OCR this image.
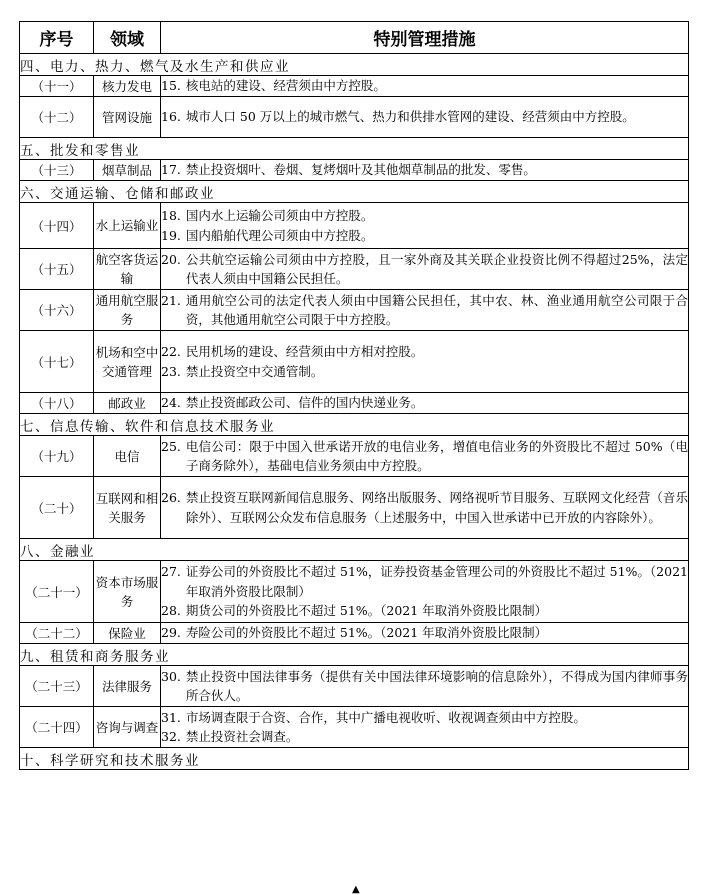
序号	领域	特别管理措施
四、电力、热力、燃气及水生产和供应业		
（十一）	核力发电	15. 核电站的建设、经营须由中方控股。

（十二）	管网设施	16. 城市人口 50 万以上的城市燃气、热力和供排水管网的建设、经营须由中方控股。

五、批发和零售业		
（十三）	烟草制品	17. 禁止投资烟叶、卷烟、复烤烟叶及其他烟草制品的批发、零售。

六、交通运输、仓储和邮政业		
（十四）	水上运输业	18. 国内水上运输公司须由中方控股。
19. 国内船舶代理公司须由中方控股。

（十五）	航空客货运输	20. 公共航空运输公司须由中方控股，且一家外商及其关联企业投资比例不得超过25%，法定代表人须由中国籍公民担任。

（十六）	通用航空服务	21. 通用航空公司的法定代表人须由中国籍公民担任，其中农、林、渔业通用航空公司限于合资，其他通用航空公司限于中方控股。

（十七）	机场和空中交通管理	22. 民用机场的建设、经营须由中方相对控股。
23. 禁止投资空中交通管制。

（十八）	邮政业	24. 禁止投资邮政公司、信件的国内快递业务。

七、信息传输、软件和信息技术服务业		
（十九）	电信	25. 电信公司：限于中国入世承诺开放的电信业务，增值电信业务的外资股比不超过 50%（电子商务除外），基础电信业务须由中方控股。

（二十）	互联网和相关服务	26. 禁止投资互联网新闻信息服务、网络出版服务、网络视听节目服务、互联网文化经营（音乐除外）、互联网公众发布信息服务（上述服务中，中国入世承诺中已开放的内容除外）。

八、金融业		
（二十一）	资本市场服务	27. 证券公司的外资股比不超过 51%，证券投资基金管理公司的外资股比不超过 51%。（2021 年取消外资股比限制）
28. 期货公司的外资股比不超过 51%。（2021 年取消外资股比限制）

（二十二）	保险业	29. 寿险公司的外资股比不超过 51%。（2021 年取消外资股比限制）

九、租赁和商务服务业		
（二十三）	法律服务	30. 禁止投资中国法律事务（提供有关中国法律环境影响的信息除外），不得成为国内律师事务所合伙人。

（二十四）	咨询与调查	31. 市场调查限于合资、合作，其中广播电视收听、收视调查须由中方控股。
32. 禁止投资社会调查。

十、科学研究和技术服务业		
▲
